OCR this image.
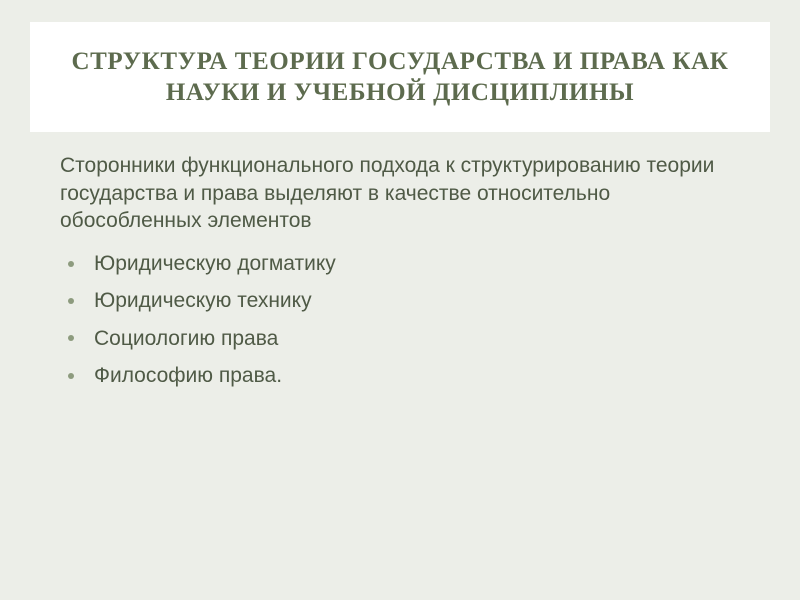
СТРУКТУРА ТЕОРИИ ГОСУДАРСТВА И ПРАВА КАК НАУКИ И УЧЕБНОЙ ДИСЦИПЛИНЫ

Сторонники функционального подхода к структурированию теории государства и права выделяют в качестве относительно обособленных элементов

Юридическую догматику
Юридическую технику
Социологию права
Философию права.
